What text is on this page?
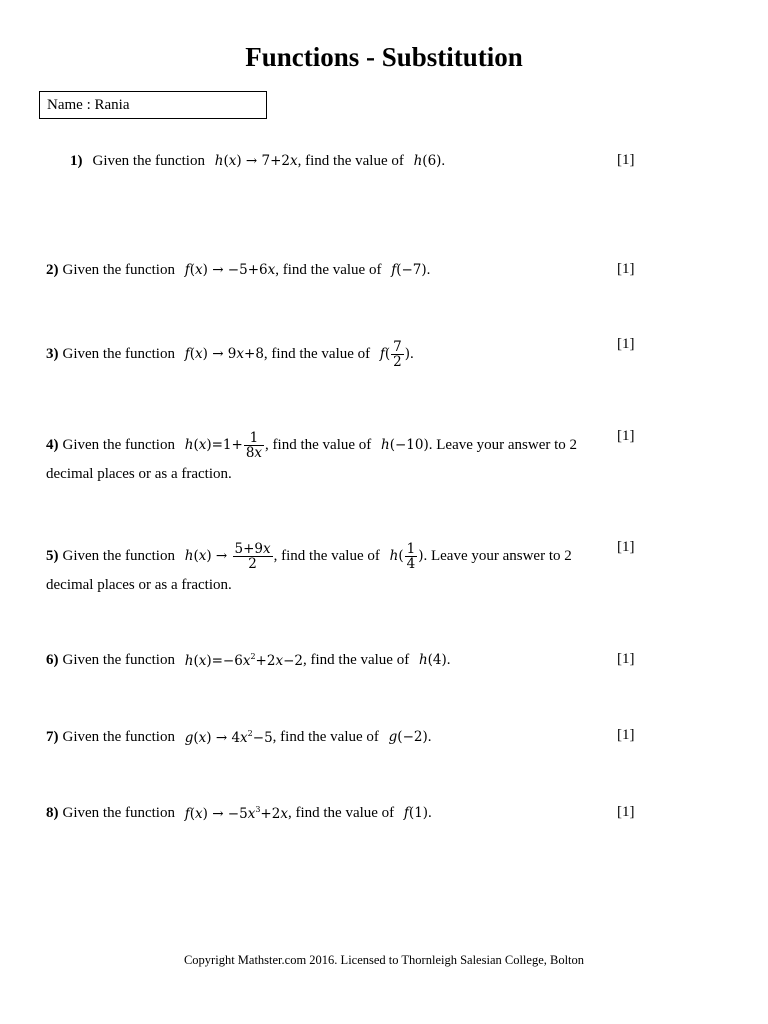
Functions - Substitution
Name : Rania
1) Given the function h(x) → 7+2x, find the value of h(6).	[1]
2) Given the function f(x) → −5+6x, find the value of f(−7).	[1]
3) Given the function f(x) → 9x+8, find the value of $f( \frac{7}{2}$ ).
[1]
4) Given the function $h(x)=1+ \frac{1}{8x}$ , find the value of h(−10). Leave your answer to 2 decimal places or as a fraction.
[1]
5) Given the function $h(x) \to \frac{5+9x}{2}$ , find the value of $h( \frac{1}{4}$ ). Leave your answer to 2 decimal places or as a fraction.
[1]
6) Given the function $h(x)=-6x^2+2x-2$, find the value of h(4).	[1]
7) Given the function $g(x) \to 4x^2-5$, find the value of g(−2).	[1]
8) Given the function $f(x) \to -5x^3+2x$, find the value of f(1).	[1]
Copyright Mathster.com 2016. Licensed to Thornleigh Salesian College, Bolton
